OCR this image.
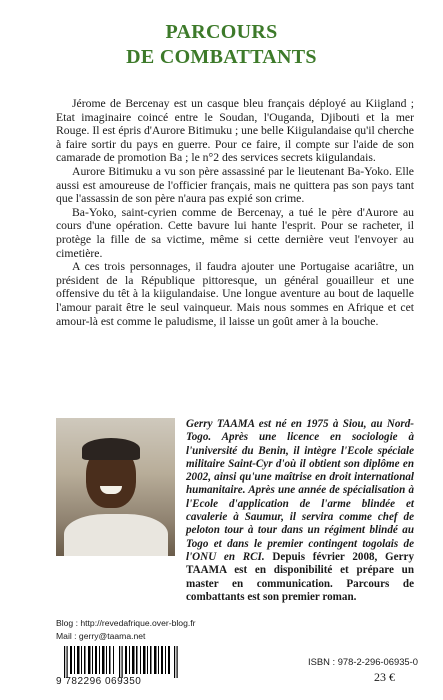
PARCOURS
DE COMBATTANTS

Jérome de Bercenay est un casque bleu français déployé au Kiigland ; Etat imaginaire coincé entre le Soudan, l'Ouganda, Djibouti et la mer Rouge. Il est épris d'Aurore Bitimuku ; une belle Kiigulandaise qu'il cherche à faire sortir du pays en guerre. Pour ce faire, il compte sur l'aide de son camarade de promotion Ba ; le n°2 des services secrets kiigulandais.

Aurore Bitimuku a vu son père assassiné par le lieutenant Ba-Yoko. Elle aussi est amoureuse de l'officier français, mais ne quittera pas son pays tant que l'assassin de son père n'aura pas expié son crime.

Ba-Yoko, saint-cyrien comme de Bercenay, a tué le père d'Aurore au cours d'une opération. Cette bavure lui hante l'esprit. Pour se racheter, il protège la fille de sa victime, même si cette dernière veut l'envoyer au cimetière.

A ces trois personnages, il faudra ajouter une Portugaise acariâtre, un président de la République pittoresque, un général gouailleur et une offensive du têt à la kiigulandaise. Une longue aventure au bout de laquelle l'amour parait être le seul vainqueur. Mais nous sommes en Afrique et cet amour-là est comme le paludisme, il laisse un goût amer à la bouche.

Gerry TAAMA est né en 1975 à Siou, au Nord-Togo. Après une licence en sociologie à l'université du Benin, il intègre l'Ecole spéciale militaire Saint-Cyr d'où il obtient son diplôme en 2002, ainsi qu'une maîtrise en droit international humanitaire. Après une année de spécialisation à l'Ecole d'application de l'arme blindée et cavalerie à Saumur, il servira comme chef de peloton tour à tour dans un régiment blindé au Togo et dans le premier contingent togolais de l'ONU en RCI. Depuis février 2008, Gerry TAAMA est en disponibilité et prépare un master en communication. Parcours de combattants est son premier roman.
Blog : http://revedafrique.over-blog.fr
Mail : gerry@taama.net
9 782296 069350
ISBN : 978-2-296-06935-0
23 €
